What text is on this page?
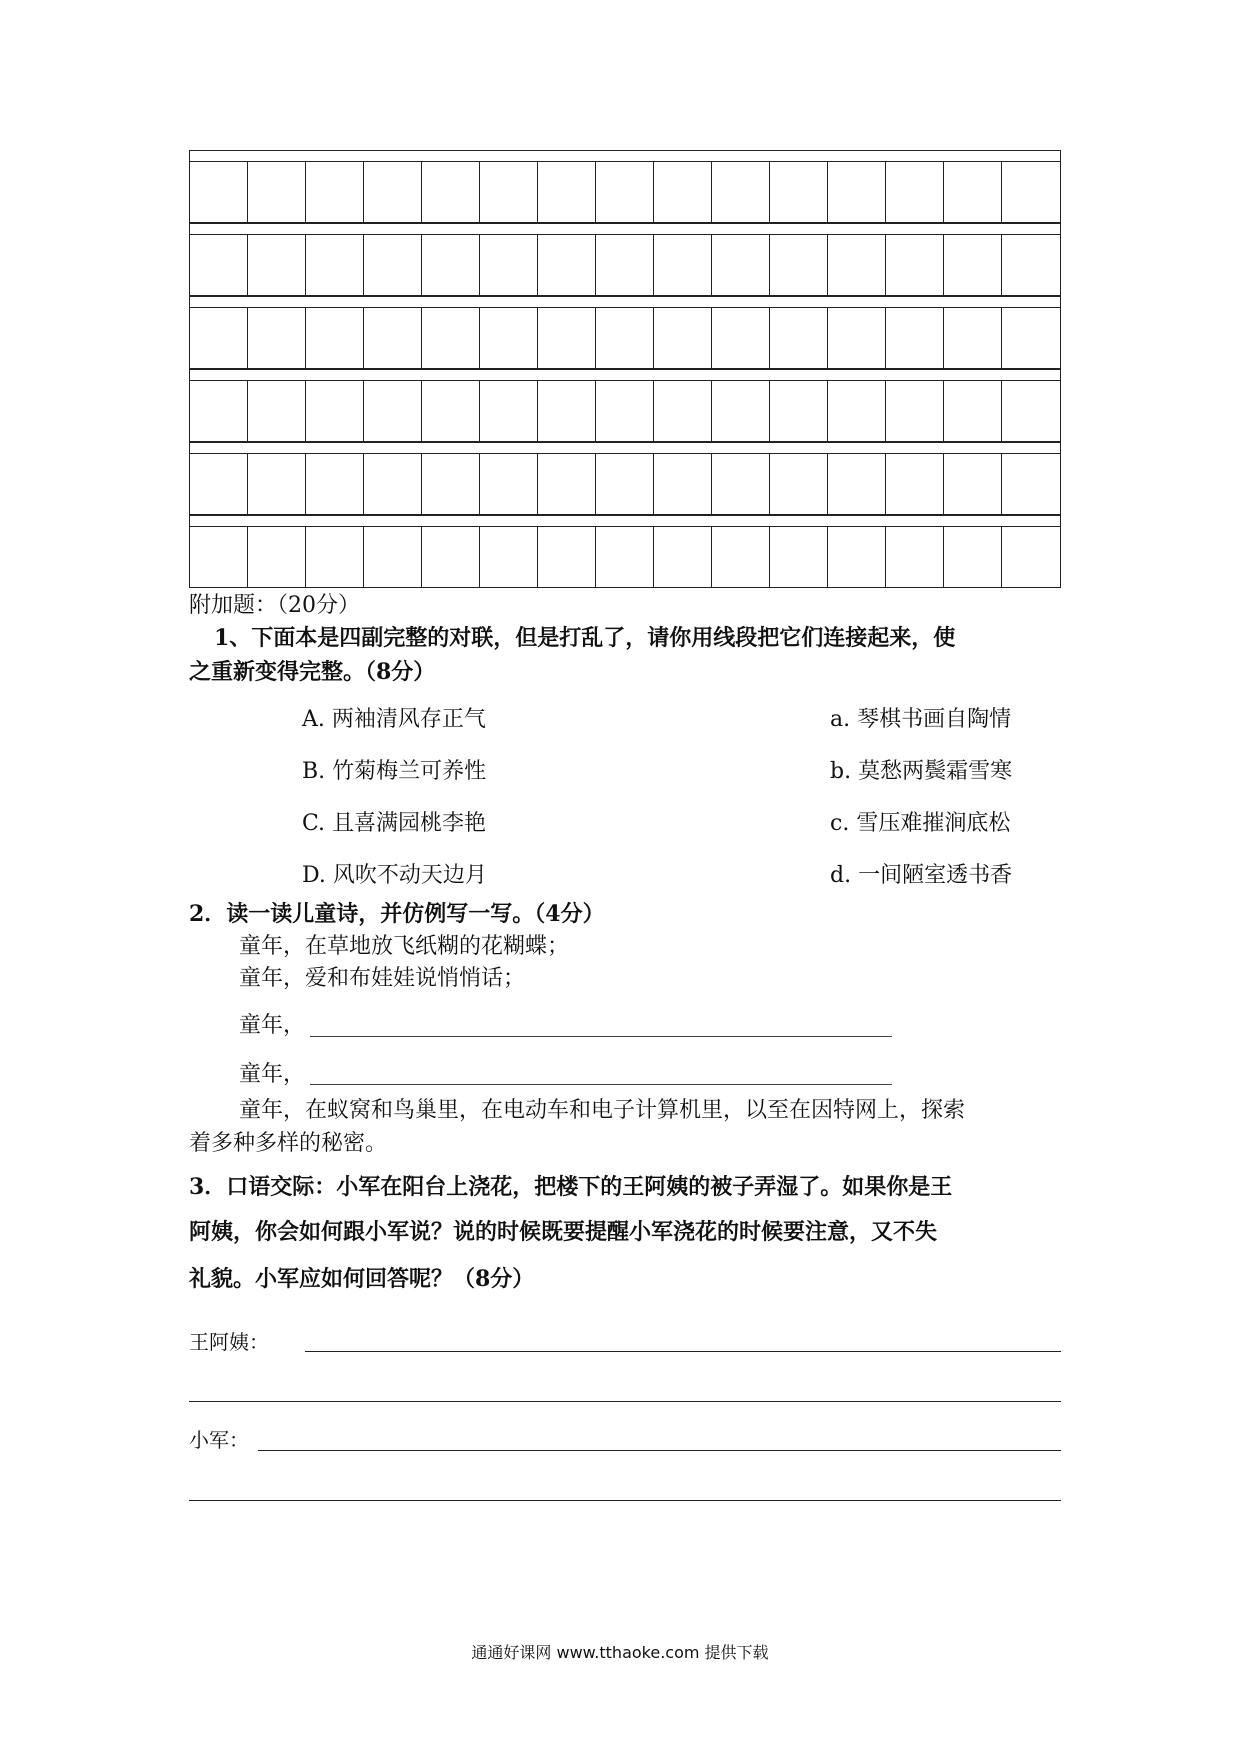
附加题：（20分）
1、下面本是四副完整的对联，但是打乱了，请你用线段把它们连接起来，使
之重新变得完整。（8分）
A. 两袖清风存正气
B. 竹菊梅兰可养性
C. 且喜满园桃李艳
D. 风吹不动天边月
a. 琴棋书画自陶情
b. 莫愁两鬓霜雪寒
c. 雪压难摧涧底松
d. 一间陋室透书香
2．读一读儿童诗，并仿例写一写。（4分）
童年，在草地放飞纸糊的花糊蝶；
童年，爱和布娃娃说悄悄话；
童年，
童年，
童年，在蚁窝和鸟巢里，在电动车和电子计算机里，以至在因特网上，探索
着多种多样的秘密。
3．口语交际：小军在阳台上浇花，把楼下的王阿姨的被子弄湿了。如果你是王
阿姨，你会如何跟小军说？说的时候既要提醒小军浇花的时候要注意，又不失
礼貌。小军应如何回答呢？（8分）
王阿姨：
小军：
通通好课网 www.tthaoke.com 提供下载
